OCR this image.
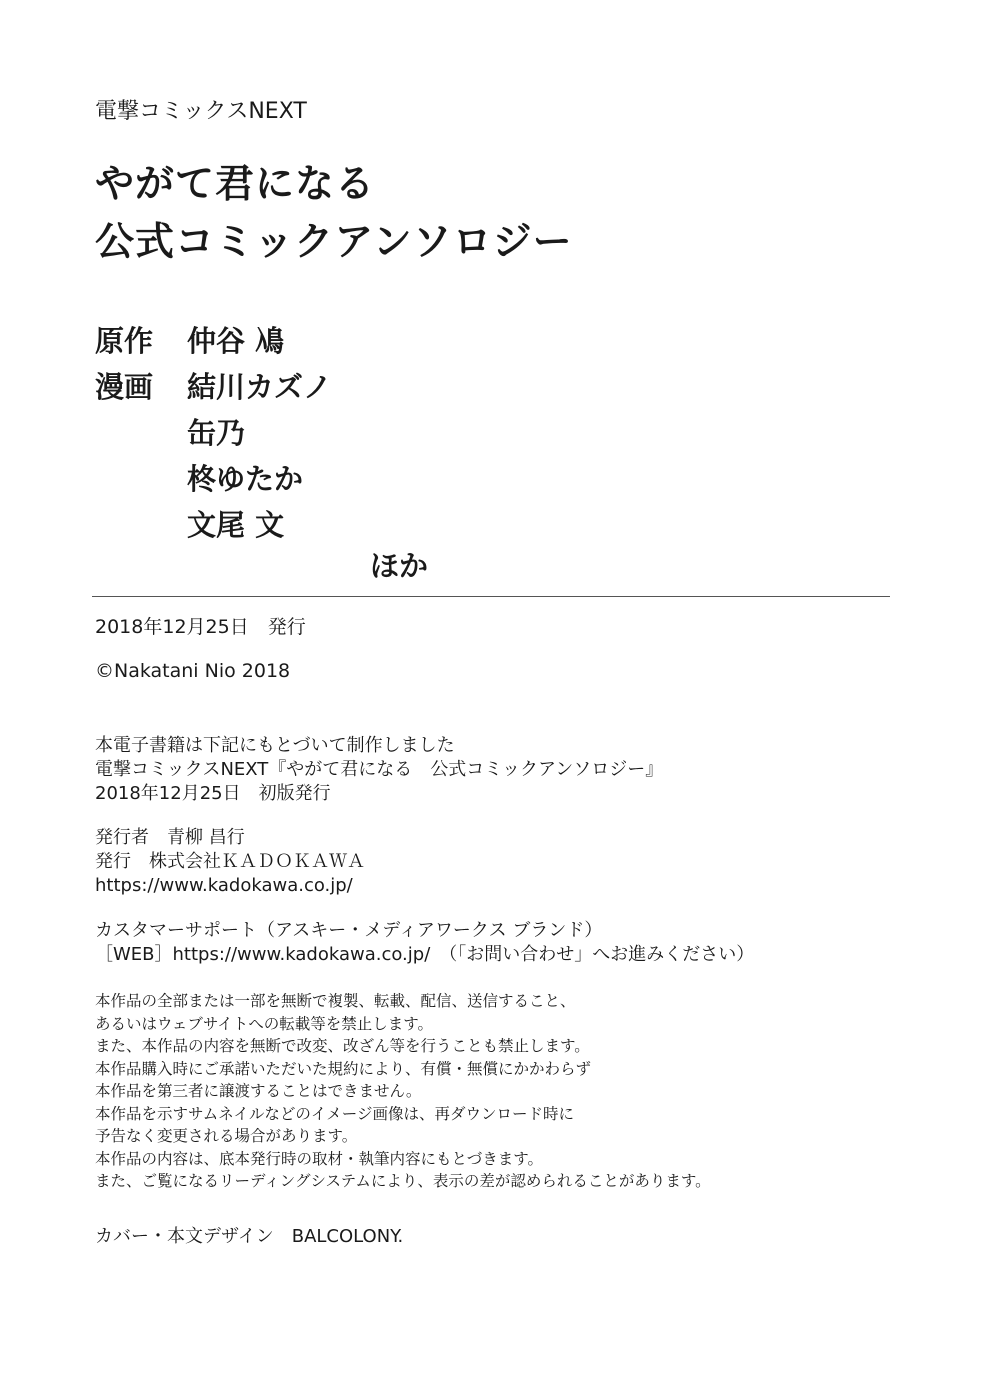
電撃コミックスNEXT
やがて君になる
公式コミックアンソロジー
原作	仲谷 鳰
漫画	結川カズノ
缶乃
柊ゆたか
文尾 文
ほか
2018年12月25日　発行
©Nakatani Nio 2018
本電子書籍は下記にもとづいて制作しました
電撃コミックスNEXT『やがて君になる　公式コミックアンソロジー』
2018年12月25日　初版発行
発行者　青柳 昌行
発行　株式会社ＫＡＤＯＫＡＷＡ
https://www.kadokawa.co.jp/
カスタマーサポート（アスキー・メディアワークス ブランド）
［WEB］https://www.kadokawa.co.jp/　（「お問い合わせ」へお進みください）
本作品の全部または一部を無断で複製、転載、配信、送信すること、
あるいはウェブサイトへの転載等を禁止します。
また、本作品の内容を無断で改変、改ざん等を行うことも禁止します。
本作品購入時にご承諾いただいた規約により、有償・無償にかかわらず
本作品を第三者に譲渡することはできません。
本作品を示すサムネイルなどのイメージ画像は、再ダウンロード時に
予告なく変更される場合があります。
本作品の内容は、底本発行時の取材・執筆内容にもとづきます。
また、ご覧になるリーディングシステムにより、表示の差が認められることがあります。
カバー・本文デザイン　BALCOLONY.
